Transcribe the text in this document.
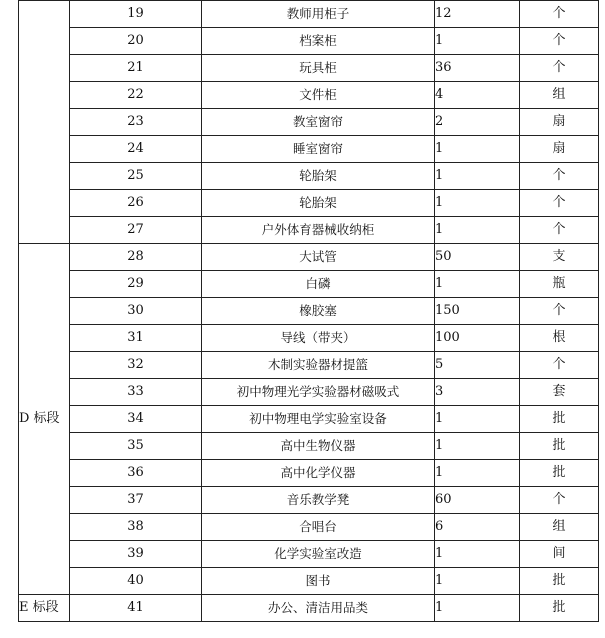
	19	教师用柜子	12	个
	20	档案柜	1	个
	21	玩具柜	36	个
	22	文件柜	4	组
	23	教室窗帘	2	扇
	24	睡室窗帘	1	扇
	25	轮胎架	1	个
	26	轮胎架	1	个
	27	户外体育器械收纳柜	1	个
D 标段	28	大试管	50	支
	29	白磷	1	瓶
	30	橡胶塞	150	个
	31	导线（带夹）	100	根
	32	木制实验器材提篮	5	个
	33	初中物理光学实验器材磁吸式	3	套
	34	初中物理电学实验室设备	1	批
	35	高中生物仪器	1	批
	36	高中化学仪器	1	批
	37	音乐教学凳	60	个
	38	合唱台	6	组
	39	化学实验室改造	1	间
	40	图书	1	批
E 标段	41	办公、清洁用品类	1	批
